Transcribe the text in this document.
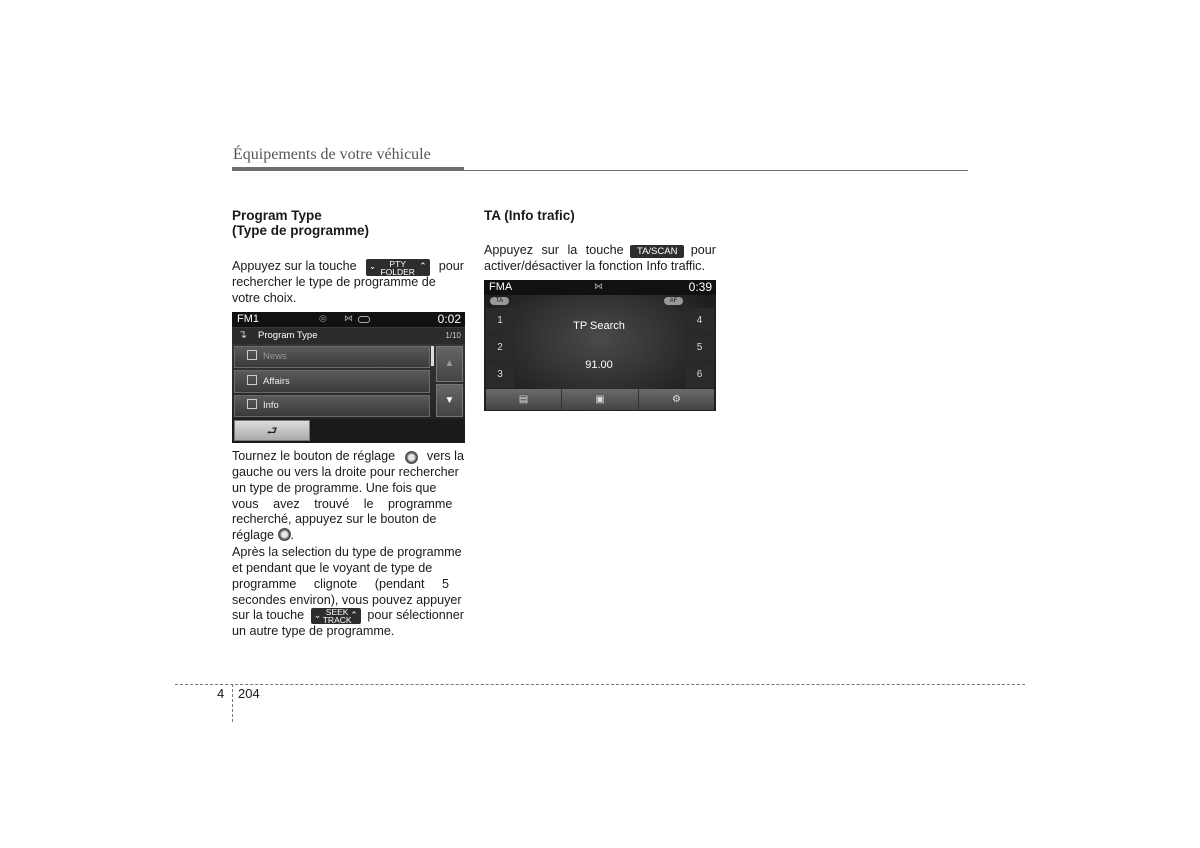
Équipements de votre véhicule
Program Type
(Type de programme)
Appuyez sur la touche ⌄	PTY
FOLDER
⌃ pour
rechercher le type de programme de
votre choix.
FM1	◎ ⋈	0:02
↴ Program Type	1/10
News
Affairs
Info
▲
▼
⮐
Tournez le bouton de réglage	vers la
gauche ou vers la droite pour rechercher
un type de programme. Une fois que
vous avez trouvé le programme
recherché, appuyez sur le bouton de
réglage .
Après la selection du type de programme
et pendant que le voyant de type de
programme clignote (pendant 5
secondes environ), vous pouvez appuyer
sur la touche ⌄ SEEK
TRACK
⌃ pour sélectionner
un autre type de programme.
TA (Info trafic)
Appuyez sur la touche	TA/SCAN	pour
activer/désactiver la fonction Info traffic.
FMA	⋈	0:39
TA	AF
1
2
3
4
5
6
TP Search
91.00
▤	▣	⚙
4 204
